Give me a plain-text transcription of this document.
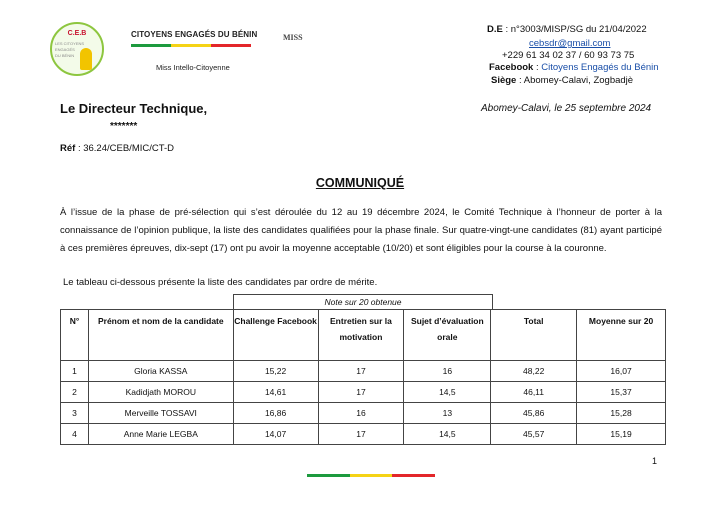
C.E.B
LES CITOYENS
ENGAGÉS
DU BÉNIN
CITOYENS ENGAGÉS DU BÉNIN
Miss Intello-Citoyenne
MISS
D.E : n°3003/MISP/SG du 21/04/2022
cebsdr@gmail.com
+229 61 34 02 37 / 60 93 73 75
Facebook : Citoyens Engagés du Bénin
Siège : Abomey-Calavi, Zogbadjè
Le Directeur Technique,
*******
Abomey-Calavi, le 25 septembre 2024
Réf : 36.24/CEB/MIC/CT-D
COMMUNIQUÉ
À l’issue de la phase de pré-sélection qui s’est déroulée du 12 au 19 décembre 2024, le Comité Technique à l’honneur de porter à la connaissance de l’opinion publique, la liste des candidates qualifiées pour la phase finale. Sur quatre-vingt-une candidates (81) ayant participé à ces premières épreuves, dix-sept (17) ont pu avoir la moyenne acceptable (10/20) et sont éligibles pour la course à la couronne.
Le tableau ci-dessous présente la liste des candidates par ordre de mérite.
Note sur 20 obtenue
N°	Prénom et nom de la candidate	Challenge Facebook	Entretien sur la motivation	Sujet d’évaluation orale	Total	Moyenne sur 20
1	Gloria KASSA	15,22	17	16	48,22	16,07
2	Kadidjath MOROU	14,61	17	14,5	46,11	15,37
3	Merveille TOSSAVI	16,86	16	13	45,86	15,28
4	Anne Marie LEGBA	14,07	17	14,5	45,57	15,19
1
